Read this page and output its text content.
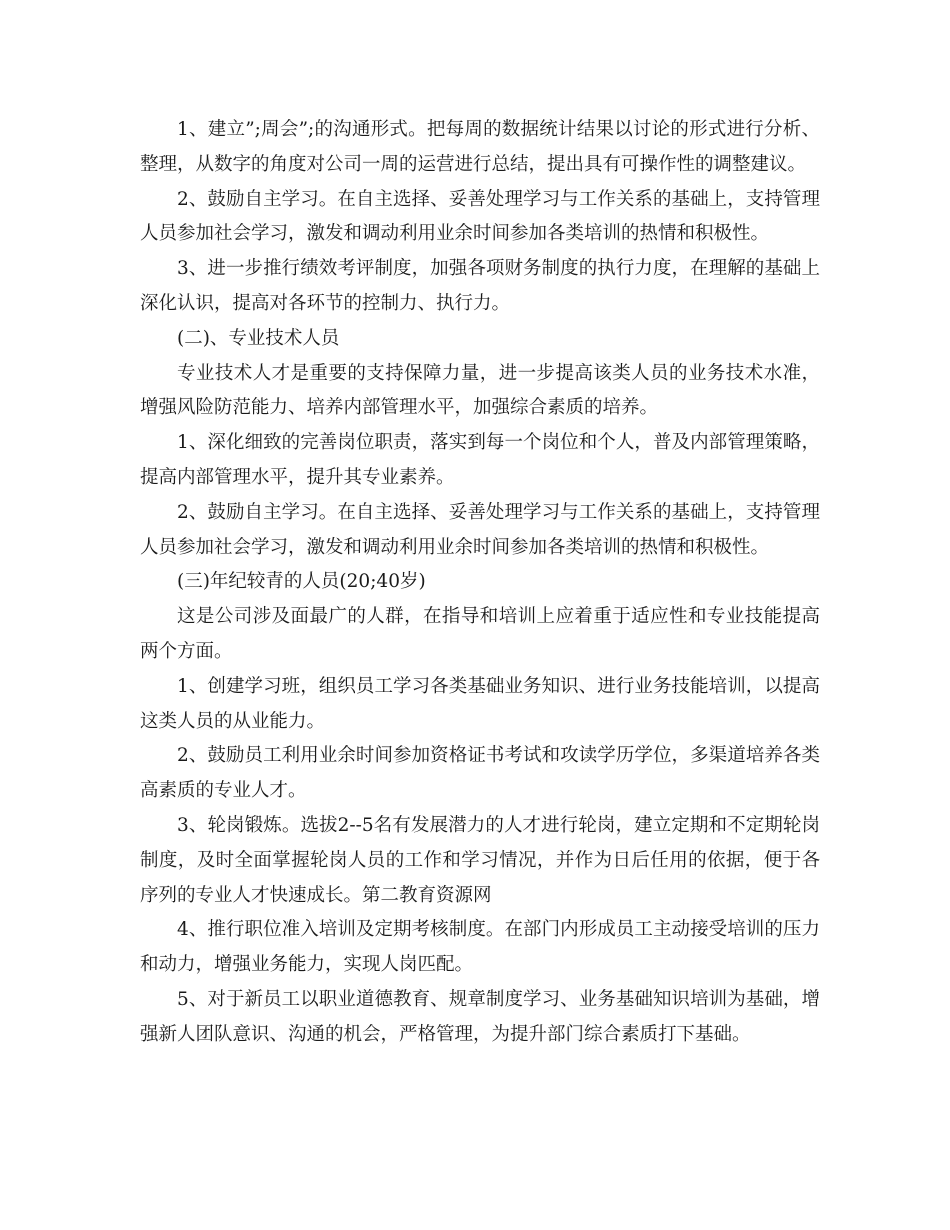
1、建立”;周会”;的沟通形式。把每周的数据统计结果以讨论的形式进行分析、整理，从数字的角度对公司一周的运营进行总结，提出具有可操作性的调整建议。

2、鼓励自主学习。在自主选择、妥善处理学习与工作关系的基础上，支持管理人员参加社会学习，激发和调动利用业余时间参加各类培训的热情和积极性。

3、进一步推行绩效考评制度，加强各项财务制度的执行力度，在理解的基础上深化认识，提高对各环节的控制力、执行力。

(二)、专业技术人员

专业技术人才是重要的支持保障力量，进一步提高该类人员的业务技术水准，增强风险防范能力、培养内部管理水平，加强综合素质的培养。

1、深化细致的完善岗位职责，落实到每一个岗位和个人，普及内部管理策略，提高内部管理水平，提升其专业素养。

2、鼓励自主学习。在自主选择、妥善处理学习与工作关系的基础上，支持管理人员参加社会学习，激发和调动利用业余时间参加各类培训的热情和积极性。

(三)年纪较青的人员(20;40岁)

这是公司涉及面最广的人群，在指导和培训上应着重于适应性和专业技能提高两个方面。

1、创建学习班，组织员工学习各类基础业务知识、进行业务技能培训，以提高这类人员的从业能力。

2、鼓励员工利用业余时间参加资格证书考试和攻读学历学位，多渠道培养各类高素质的专业人才。

3、轮岗锻炼。选拔2--5名有发展潜力的人才进行轮岗，建立定期和不定期轮岗制度，及时全面掌握轮岗人员的工作和学习情况，并作为日后任用的依据，便于各序列的专业人才快速成长。第二教育资源网

4、推行职位准入培训及定期考核制度。在部门内形成员工主动接受培训的压力和动力，增强业务能力，实现人岗匹配。

5、对于新员工以职业道德教育、规章制度学习、业务基础知识培训为基础，增强新人团队意识、沟通的机会，严格管理，为提升部门综合素质打下基础。
